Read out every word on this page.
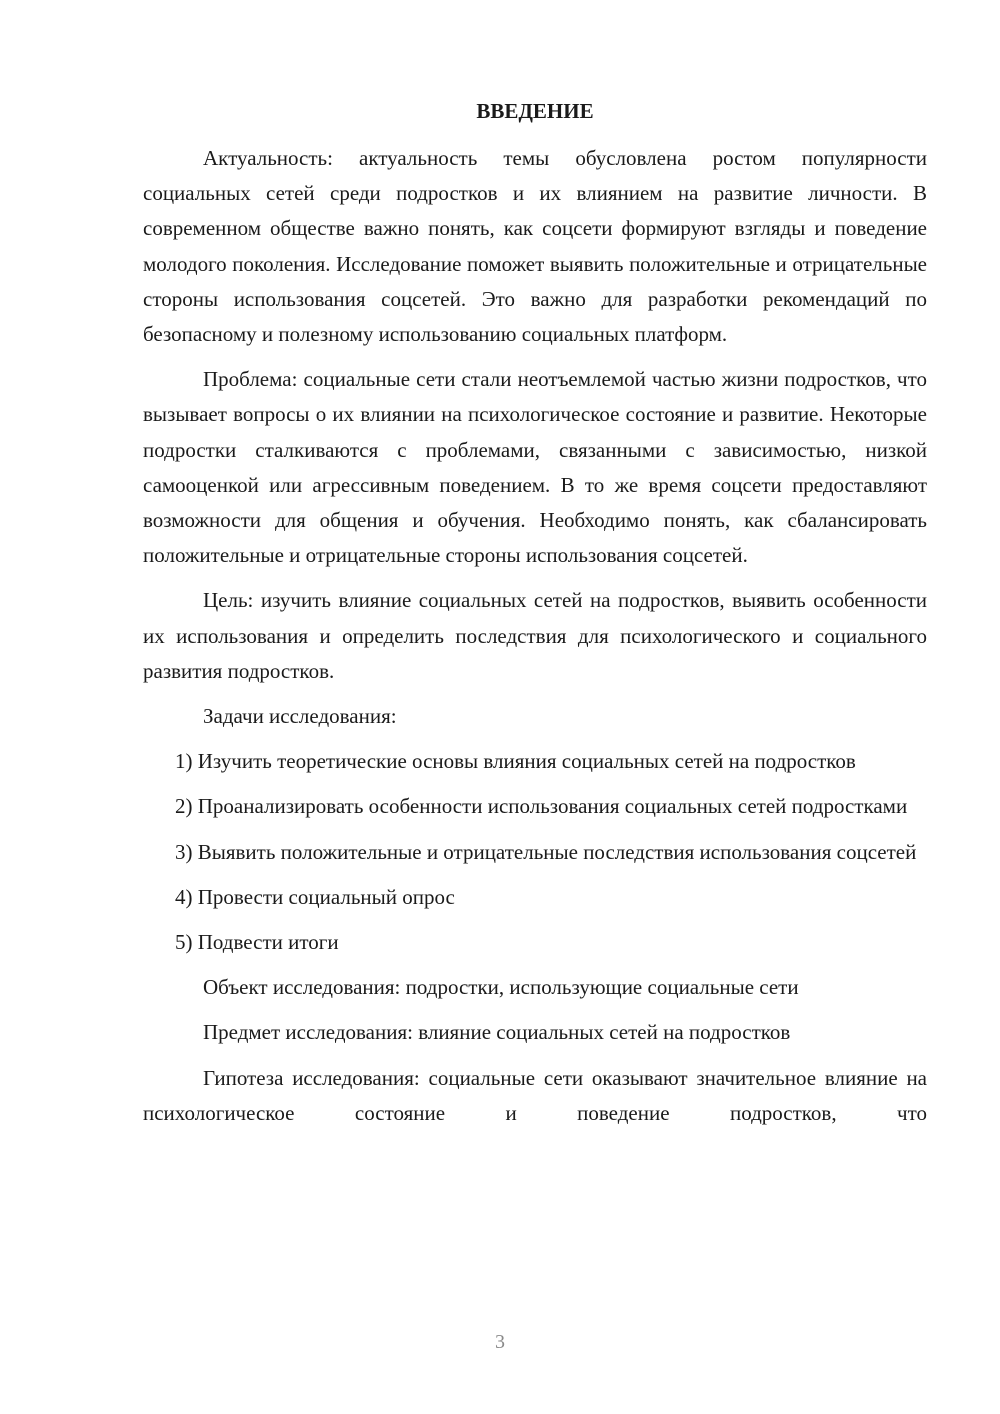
ВВЕДЕНИЕ
Актуальность: актуальность темы обусловлена ростом популярности социальных сетей среди подростков и их влиянием на развитие личности. В современном обществе важно понять, как соцсети формируют взгляды и поведение молодого поколения. Исследование поможет выявить положительные и отрицательные стороны использования соцсетей. Это важно для разработки рекомендаций по безопасному и полезному использованию социальных платформ.
Проблема: социальные сети стали неотъемлемой частью жизни подростков, что вызывает вопросы о их влиянии на психологическое состояние и развитие. Некоторые подростки сталкиваются с проблемами, связанными с зависимостью, низкой самооценкой или агрессивным поведением. В то же время соцсети предоставляют возможности для общения и обучения. Необходимо понять, как сбалансировать положительные и отрицательные стороны использования соцсетей.
Цель: изучить влияние социальных сетей на подростков, выявить особенности их использования и определить последствия для психологического и социального развития подростков.
Задачи исследования:
1) Изучить теоретические основы влияния социальных сетей на подростков
2) Проанализировать особенности использования социальных сетей подростками
3) Выявить положительные и отрицательные последствия использования соцсетей
4) Провести социальный опрос
5) Подвести итоги
Объект исследования: подростки, использующие социальные сети
Предмет исследования: влияние социальных сетей на подростков
Гипотеза исследования: социальные сети оказывают значительное влияние на психологическое состояние и поведение подростков, что
3
